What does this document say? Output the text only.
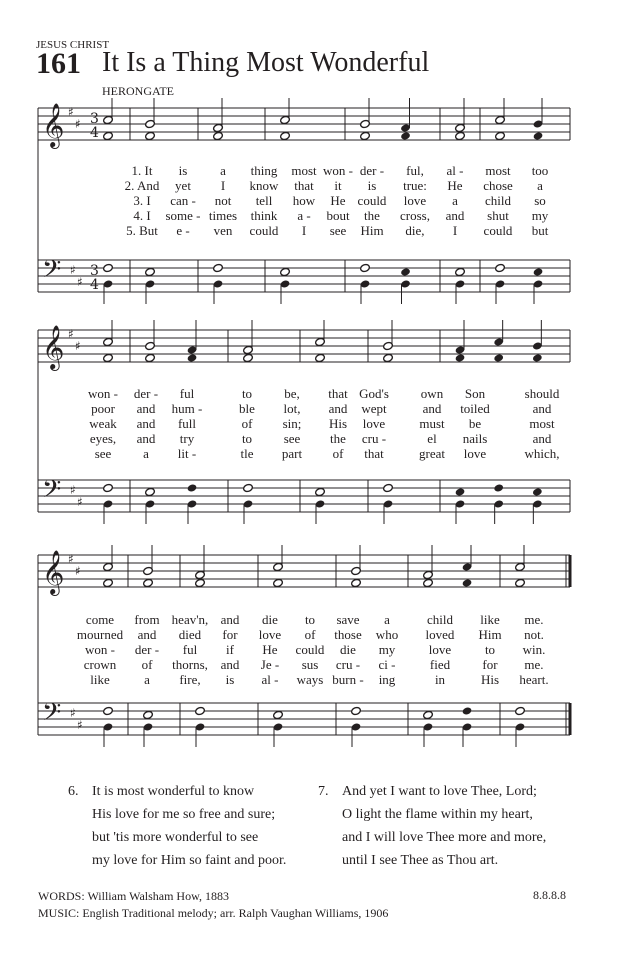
JESUS CHRIST
161 It Is a Thing Most Wonderful
HERONGATE
𝄞 ♯
♯ 3
4
𝄢 ♯
♯
3
4
𝄞 ♯
♯
𝄢 ♯
♯
𝄞 ♯
♯
𝄢 ♯
♯
1. It is	a thing most won - der - ful, al - most too
2. And yet I know that it is true: He chose a
3. I can - not tell how He could love a child so
4. I some - times think a - bout the cross, and shut my
5. But e - ven could I see Him die, I could but
won - der - ful	to be, that God's own Son	should
poor and hum -	ble lot, and wept	and toiled	and
weak and full	of sin; His love	must be	most
eyes, and try	to see the cru -	el nails	and
see a lit -	tle part of that	great love	which,
come from heav'n, and die to save a	child like me.
mourned and died for love of those who loved Him not.
won - der - ful if He could die my	love	to win.
crown of thorns, and Je - sus cru - ci -	fied for me.
like	a fire, is al - ways burn - ing	in	His heart.
6. It is most wonderful to know
His love for me so free and sure;
but 'tis more wonderful to see
my love for Him so faint and poor.
7. And yet I want to love Thee, Lord;
O light the flame within my heart,
and I will love Thee more and more,
until I see Thee as Thou art.
WORDS: William Walsham How, 1883
MUSIC: English Traditional melody; arr. Ralph Vaughan Williams, 1906
8.8.8.8
